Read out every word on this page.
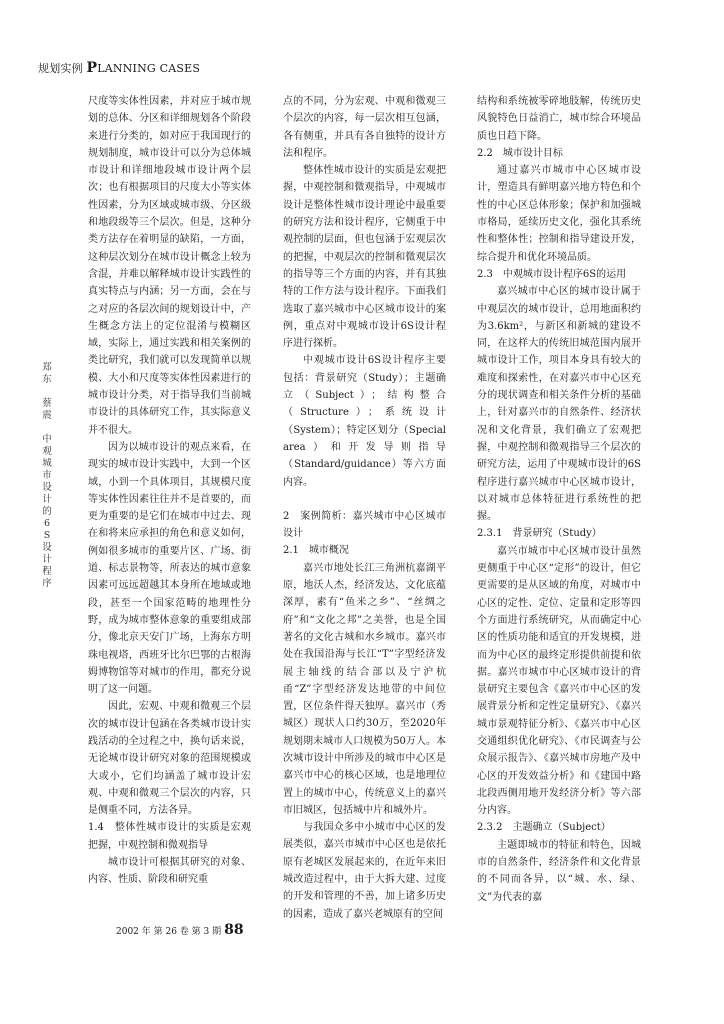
规划实例 PLANNING CASES
郑
东

蔡
震

中
观
城
市
设
计
的
6
S
设
计
程
序

尺度等实体性因素，并对应于城市规划的总体、分区和详细规划各个阶段来进行分类的，如对应于我国现行的规划制度，城市设计可以分为总体城市设计和详细地段城市设计两个层次；也有根据项目的尺度大小等实体性因素，分为区域或城市级、分区级和地段级等三个层次。但是，这种分类方法存在着明显的缺陷，一方面，这种层次划分在城市设计概念上较为含混，并难以解释城市设计实践性的真实特点与内涵；另一方面，会在与之对应的各层次间的规划设计中，产生概念方法上的定位混淆与模糊区域，实际上，通过实践和相关案例的类比研究，我们就可以发现简单以规模、大小和尺度等实体性因素进行的城市设计分类，对于指导我们当前城市设计的具体研究工作，其实际意义并不很大。

因为以城市设计的观点来看，在现实的城市设计实践中，大到一个区域，小到一个具体项目，其规模尺度等实体性因素往往并不是首要的，而更为重要的是它们在城市中过去、现在和将来应承担的角色和意义如何，例如很多城市的重要片区、广场、街道、标志景物等，所表达的城市意象因素可远远超越其本身所在地域或地段，甚至一个国家范畴的地理性分野，成为城市整体意象的重要组成部分，像北京天安门广场，上海东方明珠电视塔，西班牙比尔巴鄂的古根海姆博物馆等对城市的作用，都充分说明了这一问题。

因此，宏观、中观和微观三个层次的城市设计包涵在各类城市设计实践活动的全过程之中，换句话来说，无论城市设计研究对象的范围规模或大或小，它们均涵盖了城市设计宏观、中观和微观三个层次的内容，只是侧重不同，方法各异。

1.4　整体性城市设计的实质是宏观把握，中观控制和微观指导

城市设计可根据其研究的对象、内容、性质、阶段和研究重

点的不同，分为宏观、中观和微观三个层次的内容，每一层次相互包涵，各有侧重，并具有各自独特的设计方法和程序。

整体性城市设计的实质是宏观把握，中观控制和微观指导，中观城市设计是整体性城市设计理论中最重要的研究方法和设计程序，它侧重于中观控制的层面，但也包涵于宏观层次的把握，中观层次的控制和微观层次的指导等三个方面的内容，并有其独特的工作方法与设计程序。下面我们选取了嘉兴城市中心区城市设计的案例，重点对中观城市设计6S设计程序进行探析。

中观城市设计6S设计程序主要包括：背景研究（Study）；主题确立（Subject）；结构整合（Structure）；系统设计（System）；特定区划分（Special area）和开发导则指导（Standard/guidance）等六方面内容。

2　案例简析：嘉兴城市中心区城市设计

2.1　城市概况

嘉兴市地处长江三角洲杭嘉湖平原，地沃人杰，经济发达，文化底蕴深厚，素有“鱼米之乡”、“丝绸之府”和“文化之邦”之美誉，也是全国著名的文化古城和水乡城市。嘉兴市处在我国沿海与长江“T”字型经济发展主轴线的结合部以及宁沪杭甬“Z”字型经济发达地带的中间位置，区位条件得天独厚。嘉兴市（秀城区）现状人口约30万，至2020年规划期末城市人口规模为50万人。本次城市设计中所涉及的城市中心区是嘉兴市中心的核心区域，也是地理位置上的城市中心，传统意义上的嘉兴市旧城区，包括城中片和城外片。

与我国众多中小城市中心区的发展类似，嘉兴市城市中心区也是依托原有老城区发展起来的，在近年来旧城改造过程中，由于大拆大建、过度的开发和管理的不善，加上诸多历史的因素，造成了嘉兴老城原有的空间

结构和系统被零碎地肢解，传统历史风貌特色日益消亡，城市综合环境品质也日趋下降。

2.2　城市设计目标

通过嘉兴市城市中心区城市设计，塑造具有鲜明嘉兴地方特色和个性的中心区总体形象；保护和加强城市格局，延续历史文化，强化其系统性和整体性；控制和指导建设开发，综合提升和优化环境品质。

2.3　中观城市设计程序6S的运用

嘉兴城市中心区的城市设计属于中观层次的城市设计，总用地面积约为3.6km²，与新区和新城的建设不同，在这样大的传统旧城范围内展开城市设计工作，项目本身具有较大的难度和探索性，在对嘉兴市中心区充分的现状调查和相关条件分析的基础上，针对嘉兴市的自然条件、经济状况和文化背景，我们确立了宏观把握，中观控制和微观指导三个层次的研究方法，运用了中观城市设计的6S程序进行嘉兴城市中心区城市设计，以对城市总体特征进行系统性的把握。

2.3.1　背景研究（Study）

嘉兴市城市中心区城市设计虽然更侧重于中心区“定形”的设计，但它更需要的是从区域的角度，对城市中心区的定性、定位、定量和定形等四个方面进行系统研究，从而确定中心区的性质功能和适宜的开发规模，进而为中心区的最终定形提供前提和依据。嘉兴市城市中心区城市设计的背景研究主要包含《嘉兴市中心区的发展背景分析和定性定量研究》、《嘉兴城市景观特征分析》、《嘉兴市中心区交通组织优化研究》、《市民调查与公众展示报告》、《嘉兴城市房地产及中心区的开发效益分析》和《建国中路北段西侧用地开发经济分析》等六部分内容。

2.3.2　主题确立（Subject）

主题即城市的特征和特色，因城市的自然条件，经济条件和文化背景的不同而各异，以“城、水、绿、文”为代表的嘉

2002 年 第 26 卷 第 3 期 88
